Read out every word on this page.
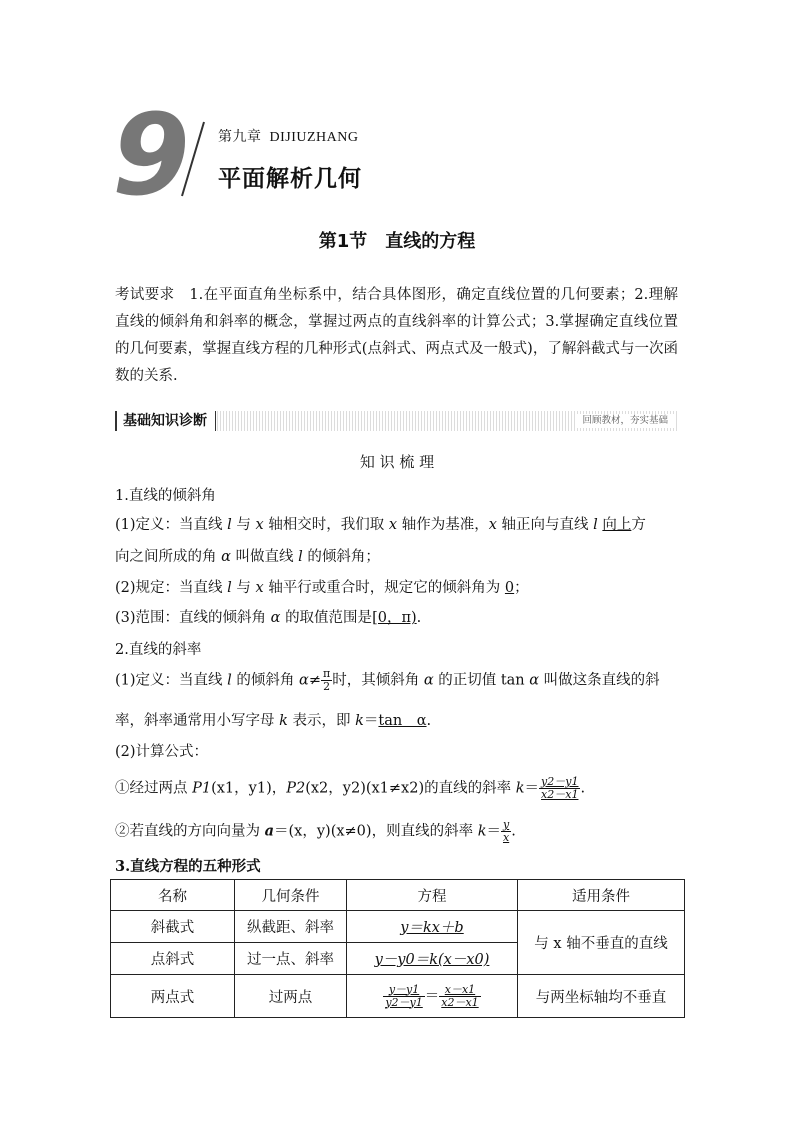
9 第九章 DIJIUZHANG
平面解析几何
第1节　直线的方程
考试要求　 1.在平面直角坐标系中，结合具体图形，确定直线位置的几何要素；2.理解直线的倾斜角和斜率的概念，掌握过两点的直线斜率的计算公式；3.掌握确定直线位置的几何要素，掌握直线方程的几种形式(点斜式、两点式及一般式)，了解斜截式与一次函数的关系.
基础知识诊断	回顾教材，夯实基础
知 识 梳 理
1.直线的倾斜角
(1)定义：当直线 l 与 x 轴相交时，我们取 x 轴作为基准，x 轴正向与直线 l 向上方
向之间所成的角 α 叫做直线 l 的倾斜角；
(2)规定：当直线 l 与 x 轴平行或重合时，规定它的倾斜角为 0；
(3)范围：直线的倾斜角 α 的取值范围是[0，π).
2.直线的斜率
(1)定义：当直线 l 的倾斜角 $\alpha\ne \frac{\pi}{2}$ 时，其倾斜角 α 的正切值 tan α 叫做这条直线的斜
率，斜率通常用小写字母 k 表示，即 k＝tan　α.
(2)计算公式：
①经过两点 P1(x1，y1)，P2(x2，y2)(x1≠x2)的直线的斜率 $k= \frac{y2-y1}{x2-x1}$ .
②若直线的方向向量为 a＝(x，y)(x≠0)，则直线的斜率 $k= \frac{y}{x}$ .
3.直线方程的五种形式
名称	几何条件	方程	适用条件
斜截式	纵截距、斜率	y＝kx＋b	与 x 轴不垂直的直线
点斜式	过一点、斜率	y－y0＝k(x－x0)	
两点式	过两点	$\frac{y-y1}{y2-y1} = \frac{x-x1}{x2-x1}$	与两坐标轴均不垂直
